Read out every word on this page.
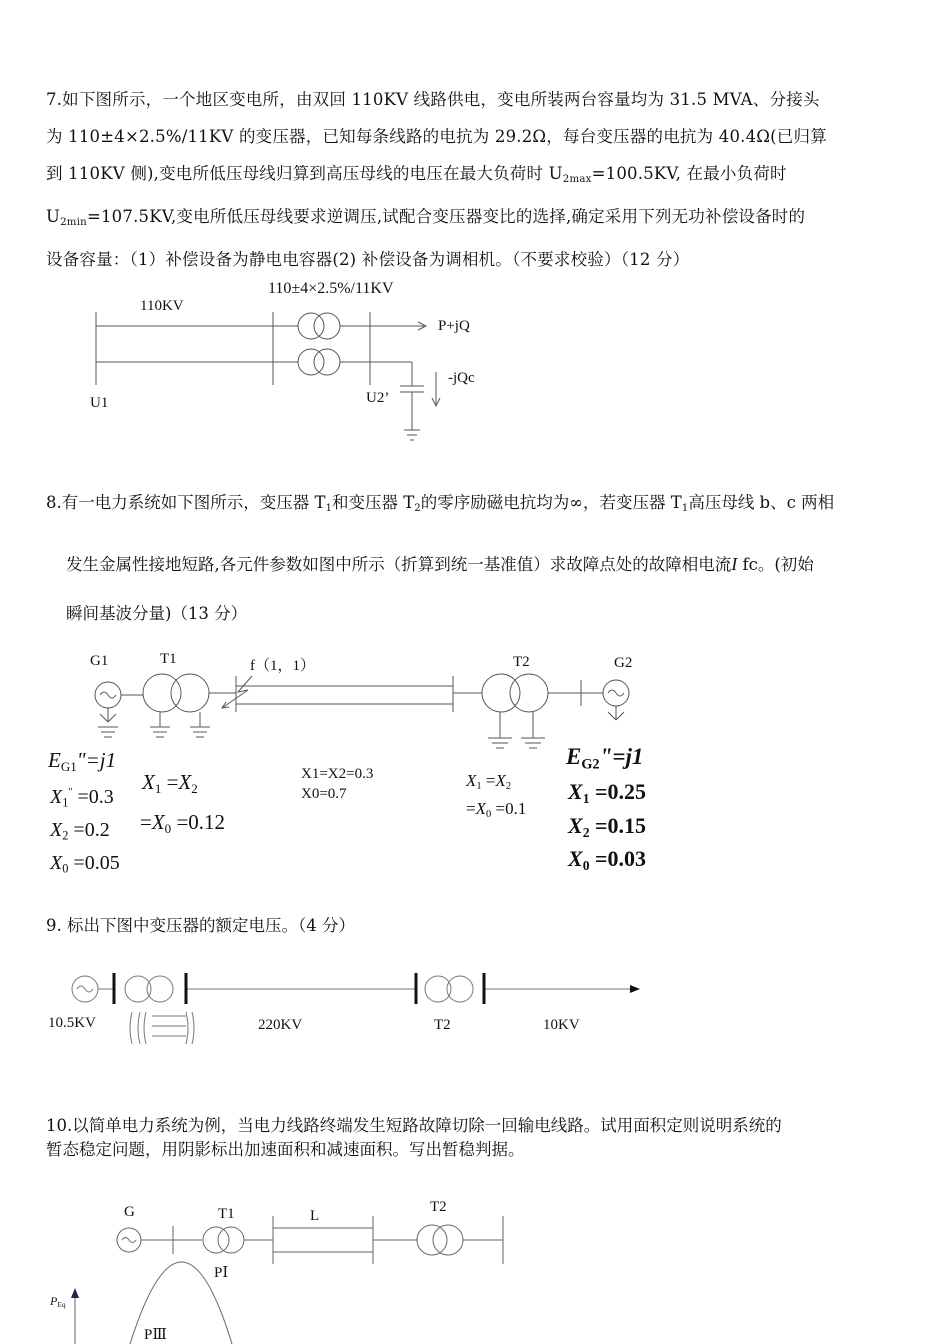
7.如下图所示，一个地区变电所，由双回 110KV 线路供电，变电所装两台容量均为 31.5 MVA、分接头
为 110±4×2.5%/11KV 的变压器，已知每条线路的电抗为 29.2Ω，每台变压器的电抗为 40.4Ω(已归算
到 110KV 侧),变电所低压母线归算到高压母线的电压在最大负荷时 $U_{2max}=100.5KV$, 在最小负荷时
$U_{2min}=107.5KV$,变电所低压母线要求逆调压,试配合变压器变比的选择,确定采用下列无功补偿设备时的
设备容量：（1）补偿设备为静电电容器(2) 补偿设备为调相机。（不要求校验）（12 分）
110±4×2.5%/11KV
110KV
P+jQ
-jQc
U1	U2’
8.有一电力系统如下图所示，变压器 $T_1$和变压器 $T_2$的零序励磁电抗均为∞，若变压器 $T_1$高压母线 b、c 两相
发生金属性接地短路,各元件参数如图中所示（折算到统一基准值）求故障点处的故障相电流I fc。(初始
瞬间基波分量)（13 分）
G1	T1	f（1，1）	T2	G2
$E_{G1}"=j1$
$X_1^" =0.3$
$X_2 =0.2$
$X_0 =0.05$
$X_1 =X_2$
$=X_0 =0.12$
X1=X2=0.3
X0=0.7
$X_1 =X_2$
$=X_0 =0.1$
$E_{G2}"=j1$
$X_1 =0.25$
$X_2 =0.15$
$X_0 =0.03$
9. 标出下图中变压器的额定电压。（4 分）
10.5KV	220KV	T2	10KV
10.以简单电力系统为例，当电力线路终端发生短路故障切除一回输电线路。试用面积定则说明系统的
暂态稳定问题，用阴影标出加速面积和减速面积。写出暂稳判据。
G	T1	L
T2
PⅠ
PⅢ
$P_{Eq}$
